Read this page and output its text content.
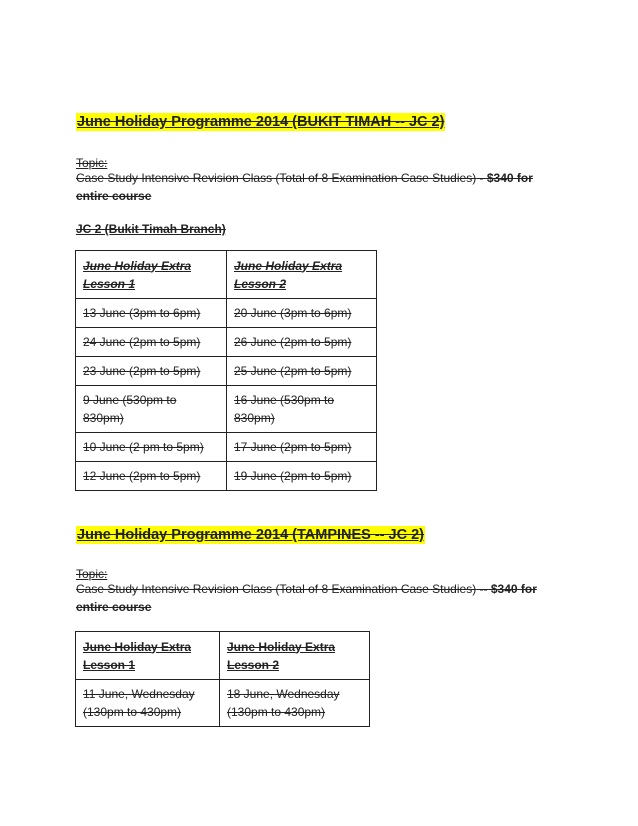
June Holiday Programme 2014 (BUKIT TIMAH -- JC 2)
Topic:
Case Study Intensive Revision Class (Total of 8 Examination Case Studies) - $340 for entire course
JC 2 (Bukit Timah Branch)
June Holiday Extra Lesson 1	June Holiday Extra Lesson 2
13 June (3pm to 6pm)	20 June (3pm to 6pm)
24 June (2pm to 5pm)	26 June (2pm to 5pm)
23 June (2pm to 5pm)	25 June (2pm to 5pm)
9 June (530pm to 830pm)	16 June (530pm to 830pm)
10 June (2 pm to 5pm)	17 June (2pm to 5pm)
12 June (2pm to 5pm)	19 June (2pm to 5pm)
June Holiday Programme 2014 (TAMPINES -- JC 2)
Topic:
Case Study Intensive Revision Class (Total of 8 Examination Case Studies) -- $340 for entire course
June Holiday Extra Lesson 1	June Holiday Extra Lesson 2
11 June, Wednesday (130pm to 430pm)	18 June, Wednesday (130pm to 430pm)
